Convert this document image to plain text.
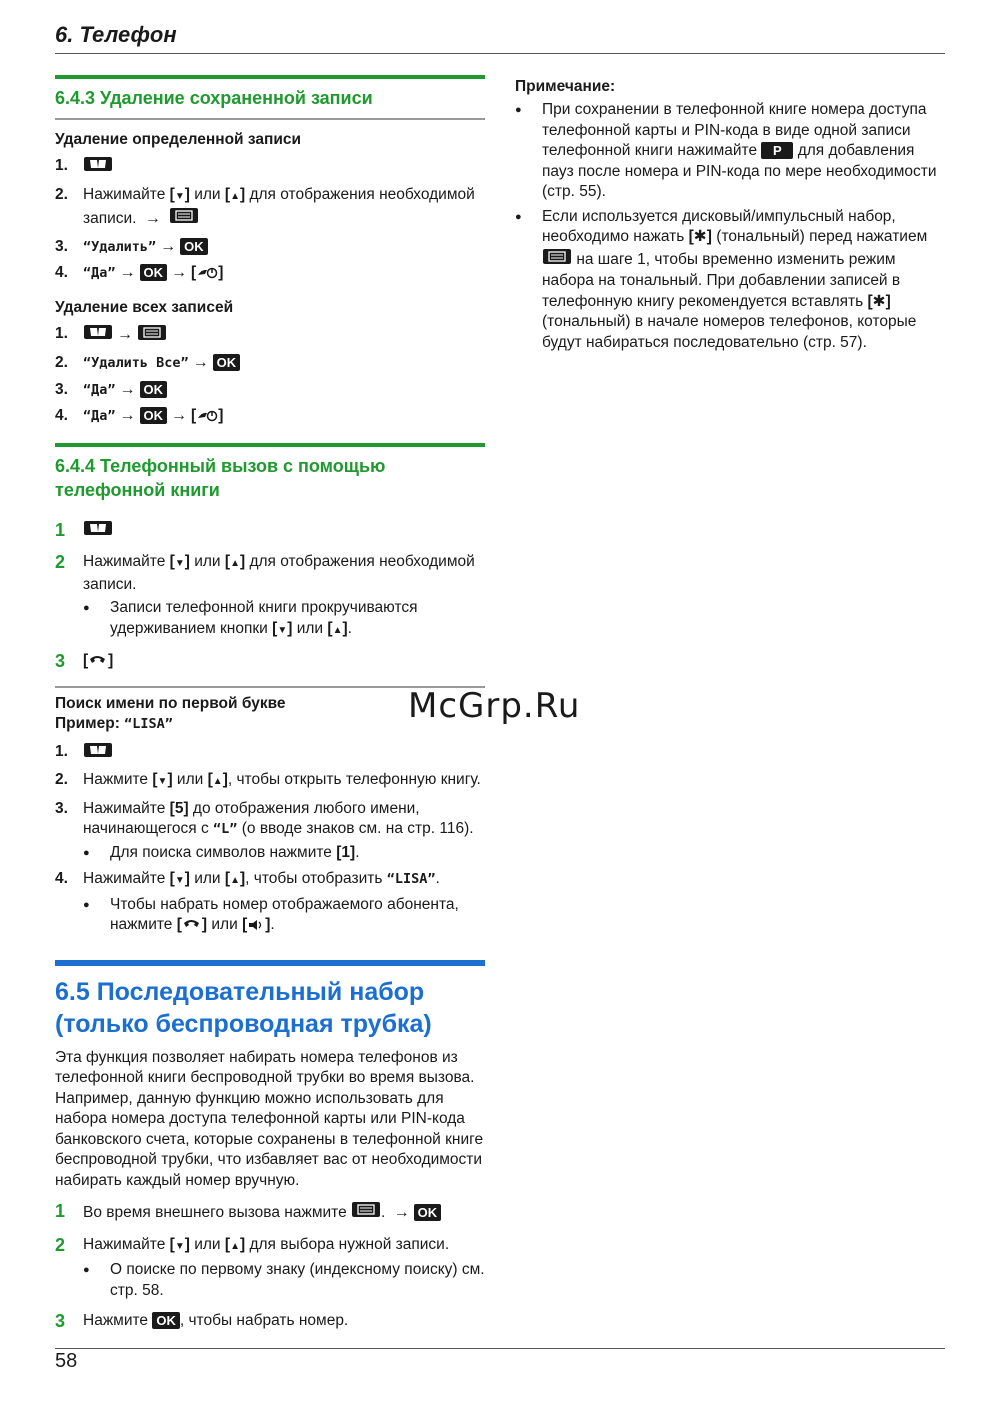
6. Телефон
6.4.3 Удаление сохраненной записи
Удаление определенной записи
1.
2. Нажимайте [▼] или [▲] для отображения необходимой записи. →
3.	“Удалить” → OK
4.	“Да” → OK → [ ]
Удаление всех записей
1.	→
2.	“Удалить Все” → OK
3.	“Да” → OK
4.	“Да” → OK → [ ]
6.4.4 Телефонный вызов с помощью
телефонной книги
1
2	Нажимайте [▼] или [▲] для отображения необходимой записи.
●	Записи телефонной книги прокручиваются удерживанием кнопки [▼] или [▲].
3	[ ]
Поиск имени по первой букве
Пример: “LISA”
1.
2. Нажмите [▼] или [▲], чтобы открыть телефонную книгу.
3. Нажимайте [5] до отображения любого имени, начинающегося с “L” (о вводе знаков см. на стр. 116).
●	Для поиска символов нажмите [1].
4. Нажимайте [▼] или [▲], чтобы отобразить “LISA”.
●	Чтобы набрать номер отображаемого абонента, нажмите [ ] или [ ].
6.5 Последовательный набор
(только беспроводная трубка)
Эта функция позволяет набирать номера телефонов из телефонной книги беспроводной трубки во время вызова. Например, данную функцию можно использовать для набора номера доступа телефонной карты или PIN-кода банковского счета, которые сохранены в телефонной книге беспроводной трубки, что избавляет вас от необходимости набирать каждый номер вручную.
1	Во время внешнего вызова нажмите . → OK
2	Нажимайте [▼] или [▲] для выбора нужной записи.
●	О поиске по первому знаку (индексному поиску) см. стр. 58.
3	Нажмите OK , чтобы набрать номер.
Примечание:
●	При сохранении в телефонной книге номера доступа телефонной карты и PIN-кода в виде одной записи телефонной книги нажимайте P для добавления пауз после номера и PIN-кода по мере необходимости (стр. 55).
●	Если используется дисковый/импульсный набор, необходимо нажать [✱] (тональный) перед нажатием  на шаге 1, чтобы временно изменить режим набора на тональный. При добавлении записей в телефонную книгу рекомендуется вставлять [✱] (тональный) в начале номеров телефонов, которые будут набираться последовательно (стр. 57).
McGrp.Ru
58
